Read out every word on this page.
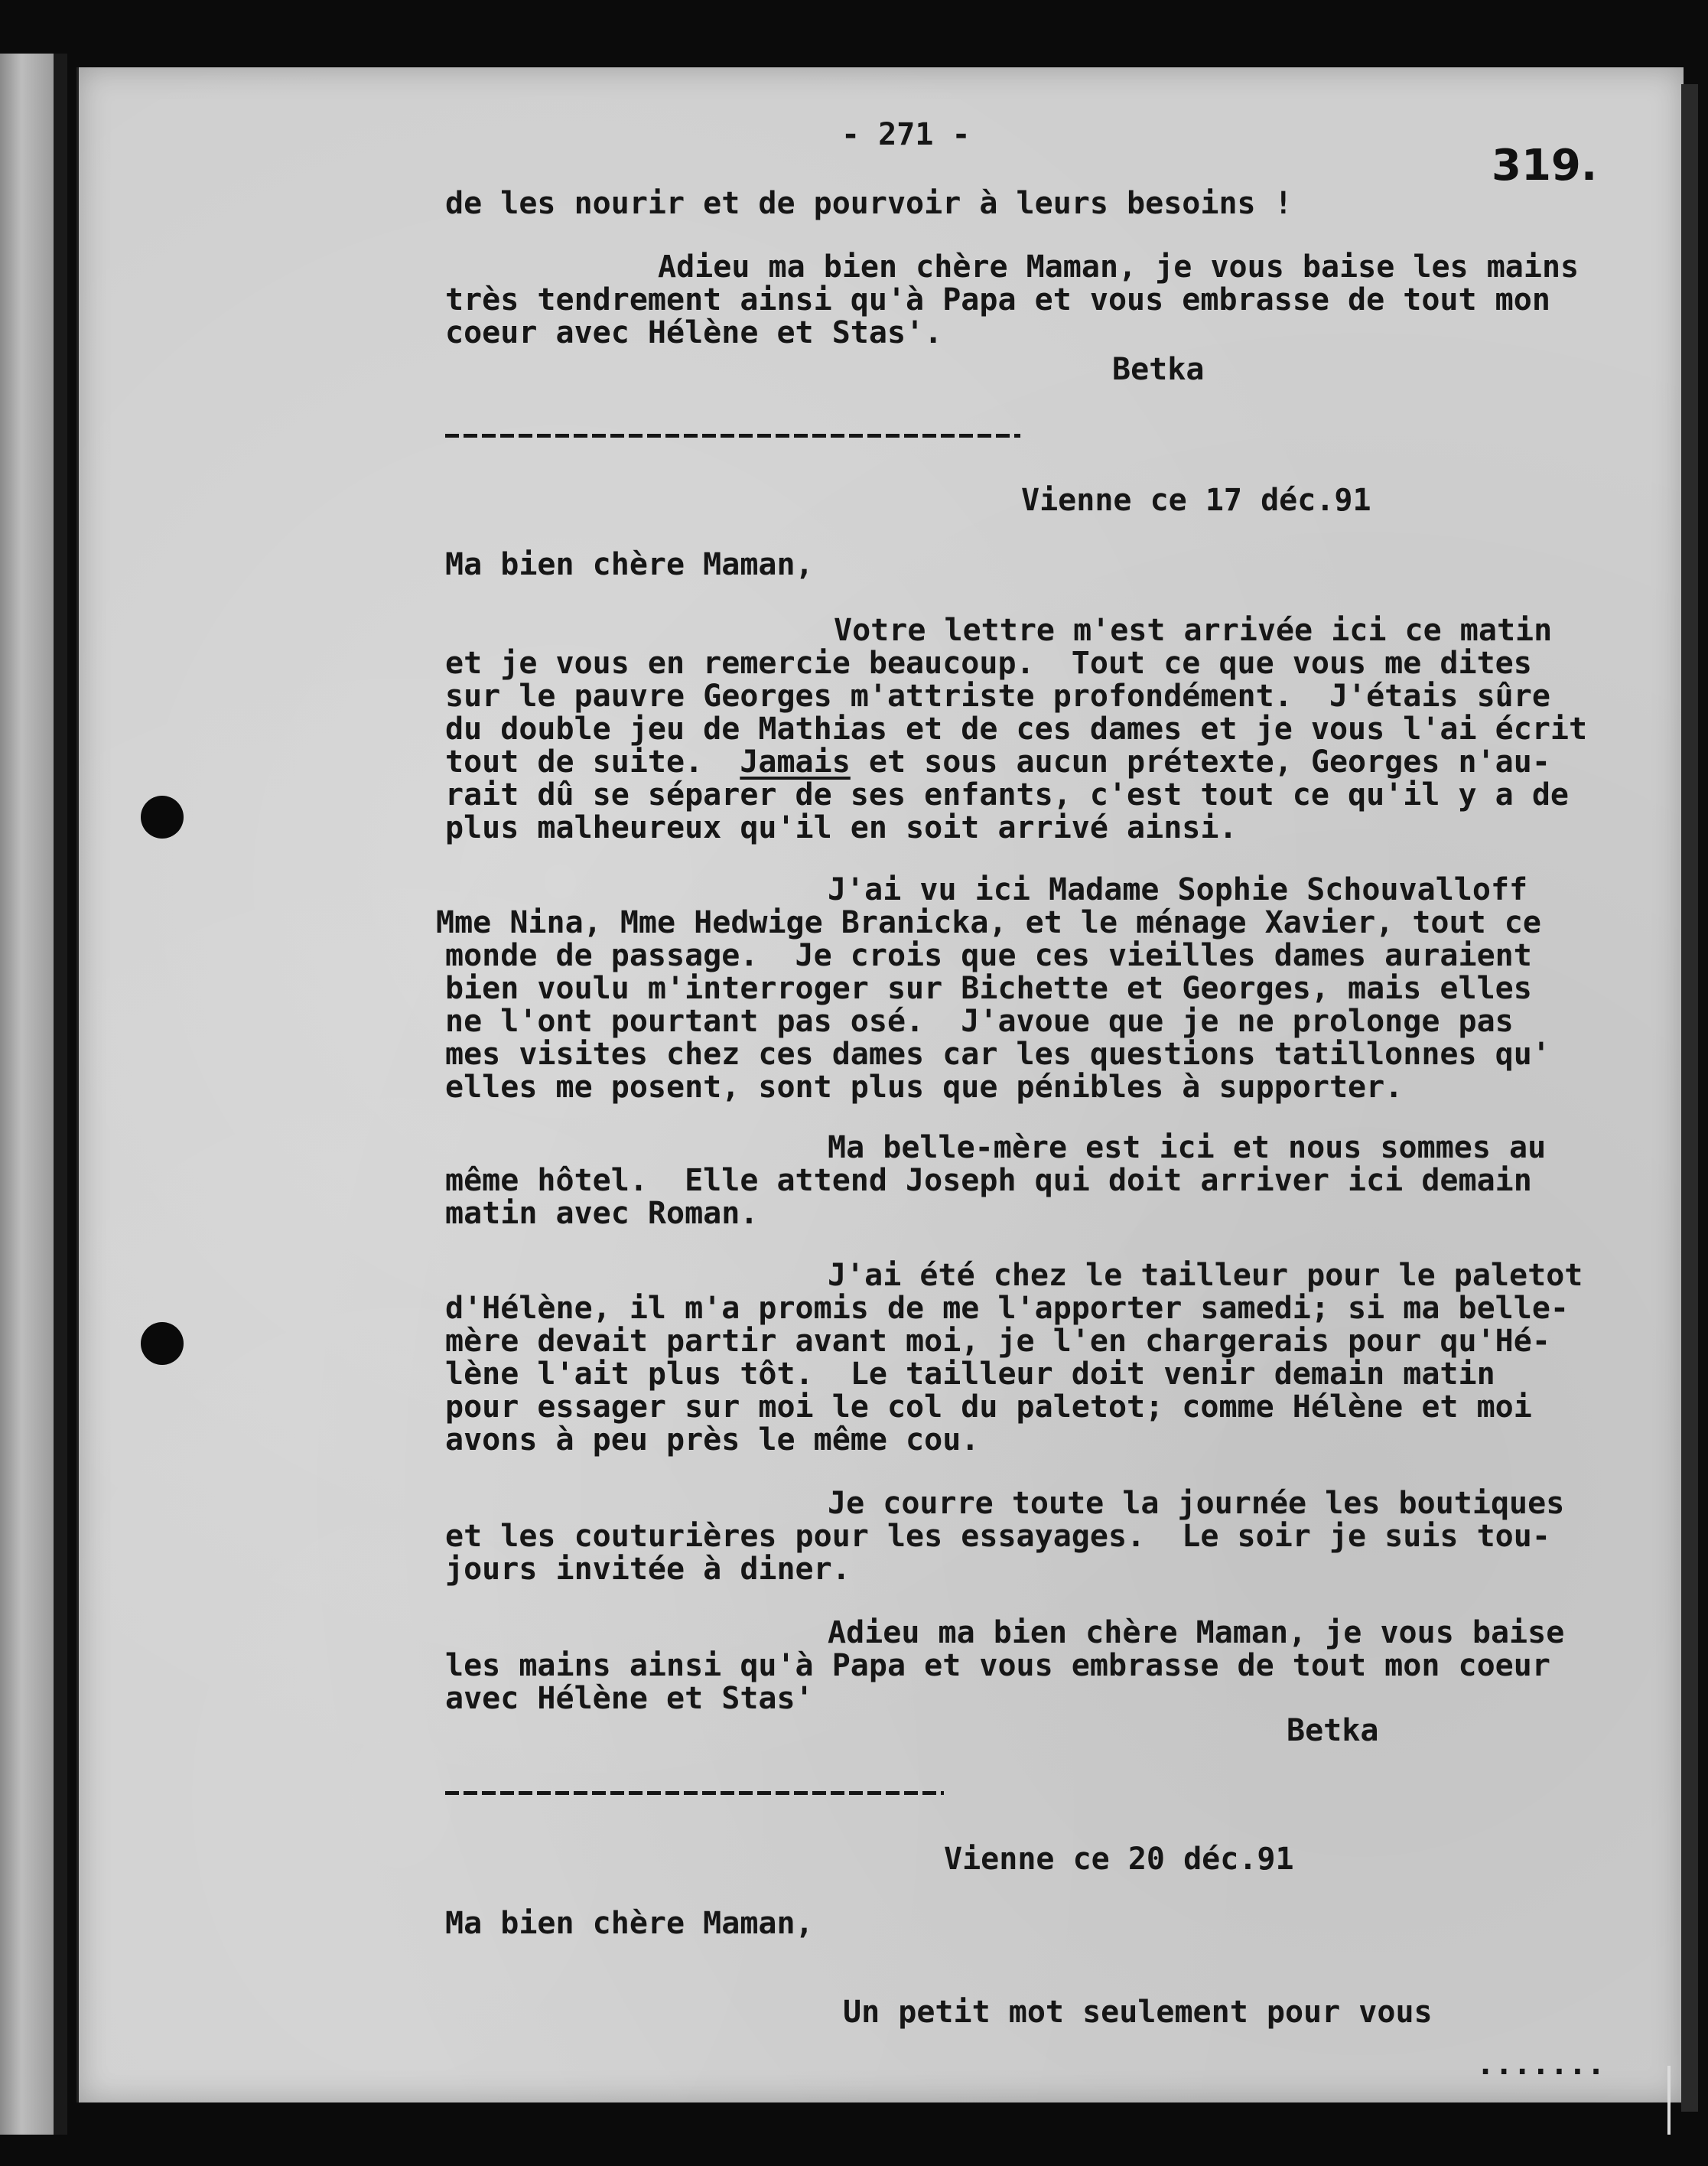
- 271 -

319.

de les nourir et de pourvoir à leurs besoins !

Adieu ma bien chère Maman, je vous baise les mains

très tendrement ainsi qu'à Papa et vous embrasse de tout mon

coeur avec Hélène et Stas'.

Betka

Vienne ce 17 déc.91

Ma bien chère Maman,

Votre lettre m'est arrivée ici ce matin

et je vous en remercie beaucoup.  Tout ce que vous me dites

sur le pauvre Georges m'attriste profondément.  J'étais sûre

du double jeu de Mathias et de ces dames et je vous l'ai écrit

tout de suite.  Jamais et sous aucun prétexte, Georges n'au-

rait dû se séparer de ses enfants, c'est tout ce qu'il y a de

plus malheureux qu'il en soit arrivé ainsi.

J'ai vu ici Madame Sophie Schouvalloff

Mme Nina, Mme Hedwige Branicka, et le ménage Xavier, tout ce

monde de passage.  Je crois que ces vieilles dames auraient

bien voulu m'interroger sur Bichette et Georges, mais elles

ne l'ont pourtant pas osé.  J'avoue que je ne prolonge pas

mes visites chez ces dames car les questions tatillonnes qu'

elles me posent, sont plus que pénibles à supporter.

Ma belle-mère est ici et nous sommes au

même hôtel.  Elle attend Joseph qui doit arriver ici demain

matin avec Roman.

J'ai été chez le tailleur pour le paletot

d'Hélène, il m'a promis de me l'apporter samedi; si ma belle-

mère devait partir avant moi, je l'en chargerais pour qu'Hé-

lène l'ait plus tôt.  Le tailleur doit venir demain matin

pour essager sur moi le col du paletot; comme Hélène et moi

avons à peu près le même cou.

Je courre toute la journée les boutiques

et les couturières pour les essayages.  Le soir je suis tou-

jours invitée à diner.

Adieu ma bien chère Maman, je vous baise

les mains ainsi qu'à Papa et vous embrasse de tout mon coeur

avec Hélène et Stas'

Betka

Vienne ce 20 déc.91

Ma bien chère Maman,

Un petit mot seulement pour vous

.......
